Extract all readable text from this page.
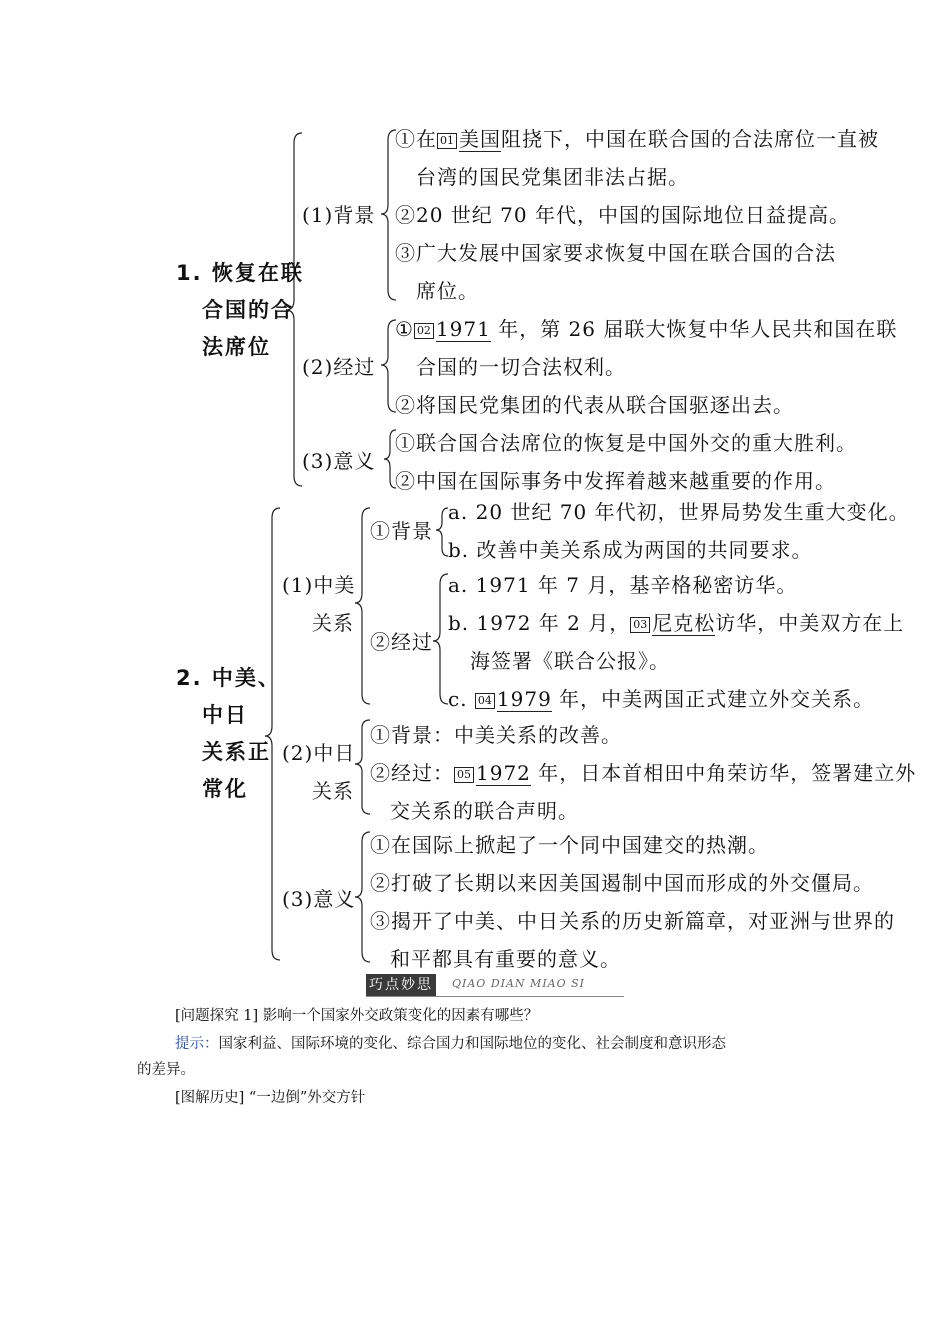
1. 恢复在联
合国的合
法席位
(1)背景
①在 01 美国阻挠下，中国在联合国的合法席位一直被
台湾的国民党集团非法占据。
②20 世纪 70 年代，中国的国际地位日益提高。
③广大发展中国家要求恢复中国在联合国的合法
席位。
(2)经过
① 02 1971 年，第 26 届联大恢复中华人民共和国在联
合国的一切合法权利。
②将国民党集团的代表从联合国驱逐出去。
(3)意义
①联合国合法席位的恢复是中国外交的重大胜利。
②中国在国际事务中发挥着越来越重要的作用。
2. 中美、
中日
关系正
常化
(1)中美
关系
①背景
a. 20 世纪 70 年代初，世界局势发生重大变化。
b. 改善中美关系成为两国的共同要求。
②经过
a. 1971 年 7 月，基辛格秘密访华。
b. 1972 年 2 月， 03 尼克松访华，中美双方在上
海签署《联合公报》。
c. 04 1979 年，中美两国正式建立外交关系。
(2)中日
关系
①背景：中美关系的改善。
②经过： 05 1972 年，日本首相田中角荣访华，签署建立外
交关系的联合声明。
(3)意义
①在国际上掀起了一个同中国建交的热潮。
②打破了长期以来因美国遏制中国而形成的外交僵局。
③揭开了中美、中日关系的历史新篇章，对亚洲与世界的
和平都具有重要的意义。
巧点妙思 QIAO DIAN MIAO SI
[问题探究 1] 影响一个国家外交政策变化的因素有哪些？
提示：国家利益、国际环境的变化、综合国力和国际地位的变化、社会制度和意识形态
的差异。
[图解历史] “一边倒”外交方针
